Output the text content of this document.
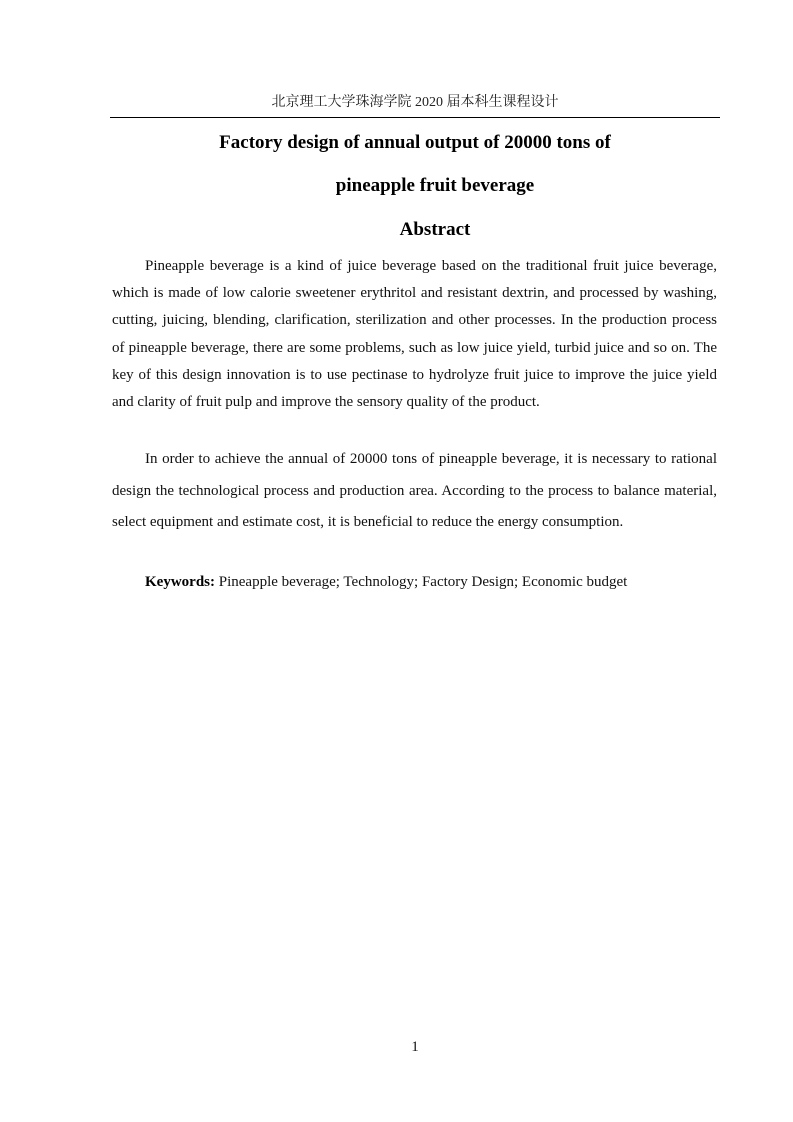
北京理工大学珠海学院 2020 届本科生课程设计
Factory design of annual output of 20000 tons of
pineapple fruit beverage
Abstract
Pineapple beverage is a kind of juice beverage based on the traditional fruit juice beverage, which is made of low calorie sweetener erythritol and resistant dextrin, and processed by washing, cutting, juicing, blending, clarification, sterilization and other processes. In the production process of pineapple beverage, there are some problems, such as low juice yield, turbid juice and so on. The key of this design innovation is to use pectinase to hydrolyze fruit juice to improve the juice yield and clarity of fruit pulp and improve the sensory quality of the product.
In order to achieve the annual of 20000 tons of pineapple beverage, it is necessary to rational design the technological process and production area. According to the process to balance material, select equipment and estimate cost, it is beneficial to reduce the energy consumption.
Keywords: Pineapple beverage; Technology; Factory Design; Economic budget
1
